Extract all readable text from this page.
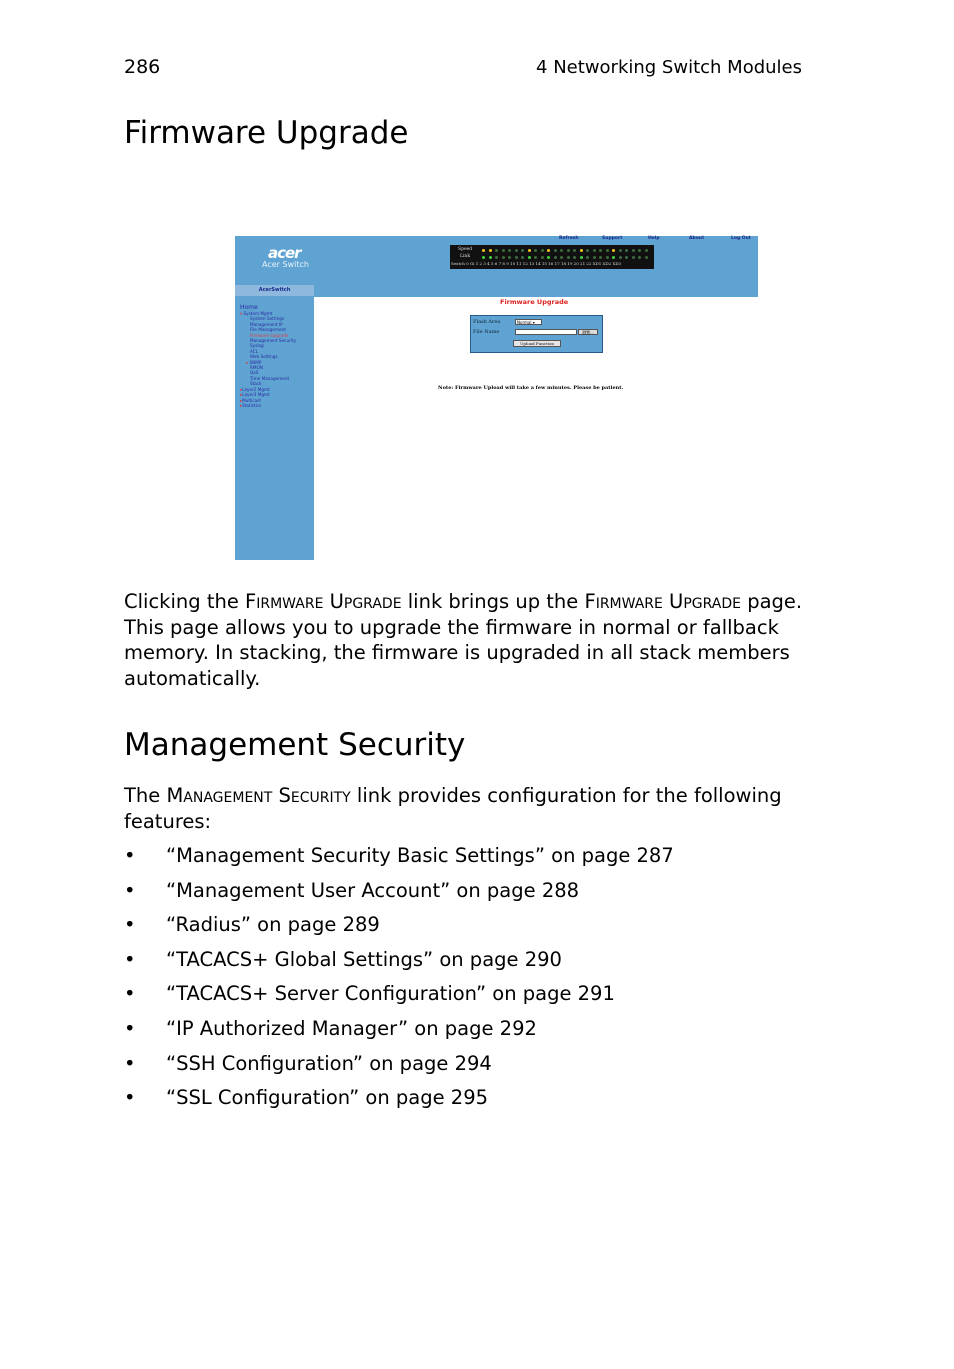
286	4 Networking Switch Modules
Firmware Upgrade
acer
Acer Switch
AcerSwitch
Home
▾ System Mgmt
System Settings
Management IP
File Management
Firmware Upgrade
Management Security
Syslog
ACL
Web Settings
▸ SNMP
RMON
QoS
Time Management
Stack
▸Layer2 Mgmt
▸Layer3 Mgmt
▸Multicast
▸Statistics
Refresh	Support	Help	About	Log Out
Speed
Link
Switch 0 Gi 1 2 3 4 5 6 7 8 9 10 11 12 13 14 15 16 17 18 19 20 21 22 XD1 XD2 XD3
Firmware Upgrade
Flash Area	Normal ▾
File Name	瀏覽...
Upload Function
Note: Firmware Upload will take a few minutes. Please be patient.

Clicking the Firmware Upgrade link brings up the Firmware Upgrade page. This page allows you to upgrade the firmware in normal or fallback memory. In stacking, the firmware is upgraded in all stack members automatically.

Management Security

The Management Security link provides configuration for the following features:

• “Management Security Basic Settings” on page 287
• “Management User Account” on page 288
• “Radius” on page 289
• “TACACS+ Global Settings” on page 290
• “TACACS+ Server Configuration” on page 291
• “IP Authorized Manager” on page 292
• “SSH Configuration” on page 294
• “SSL Configuration” on page 295
